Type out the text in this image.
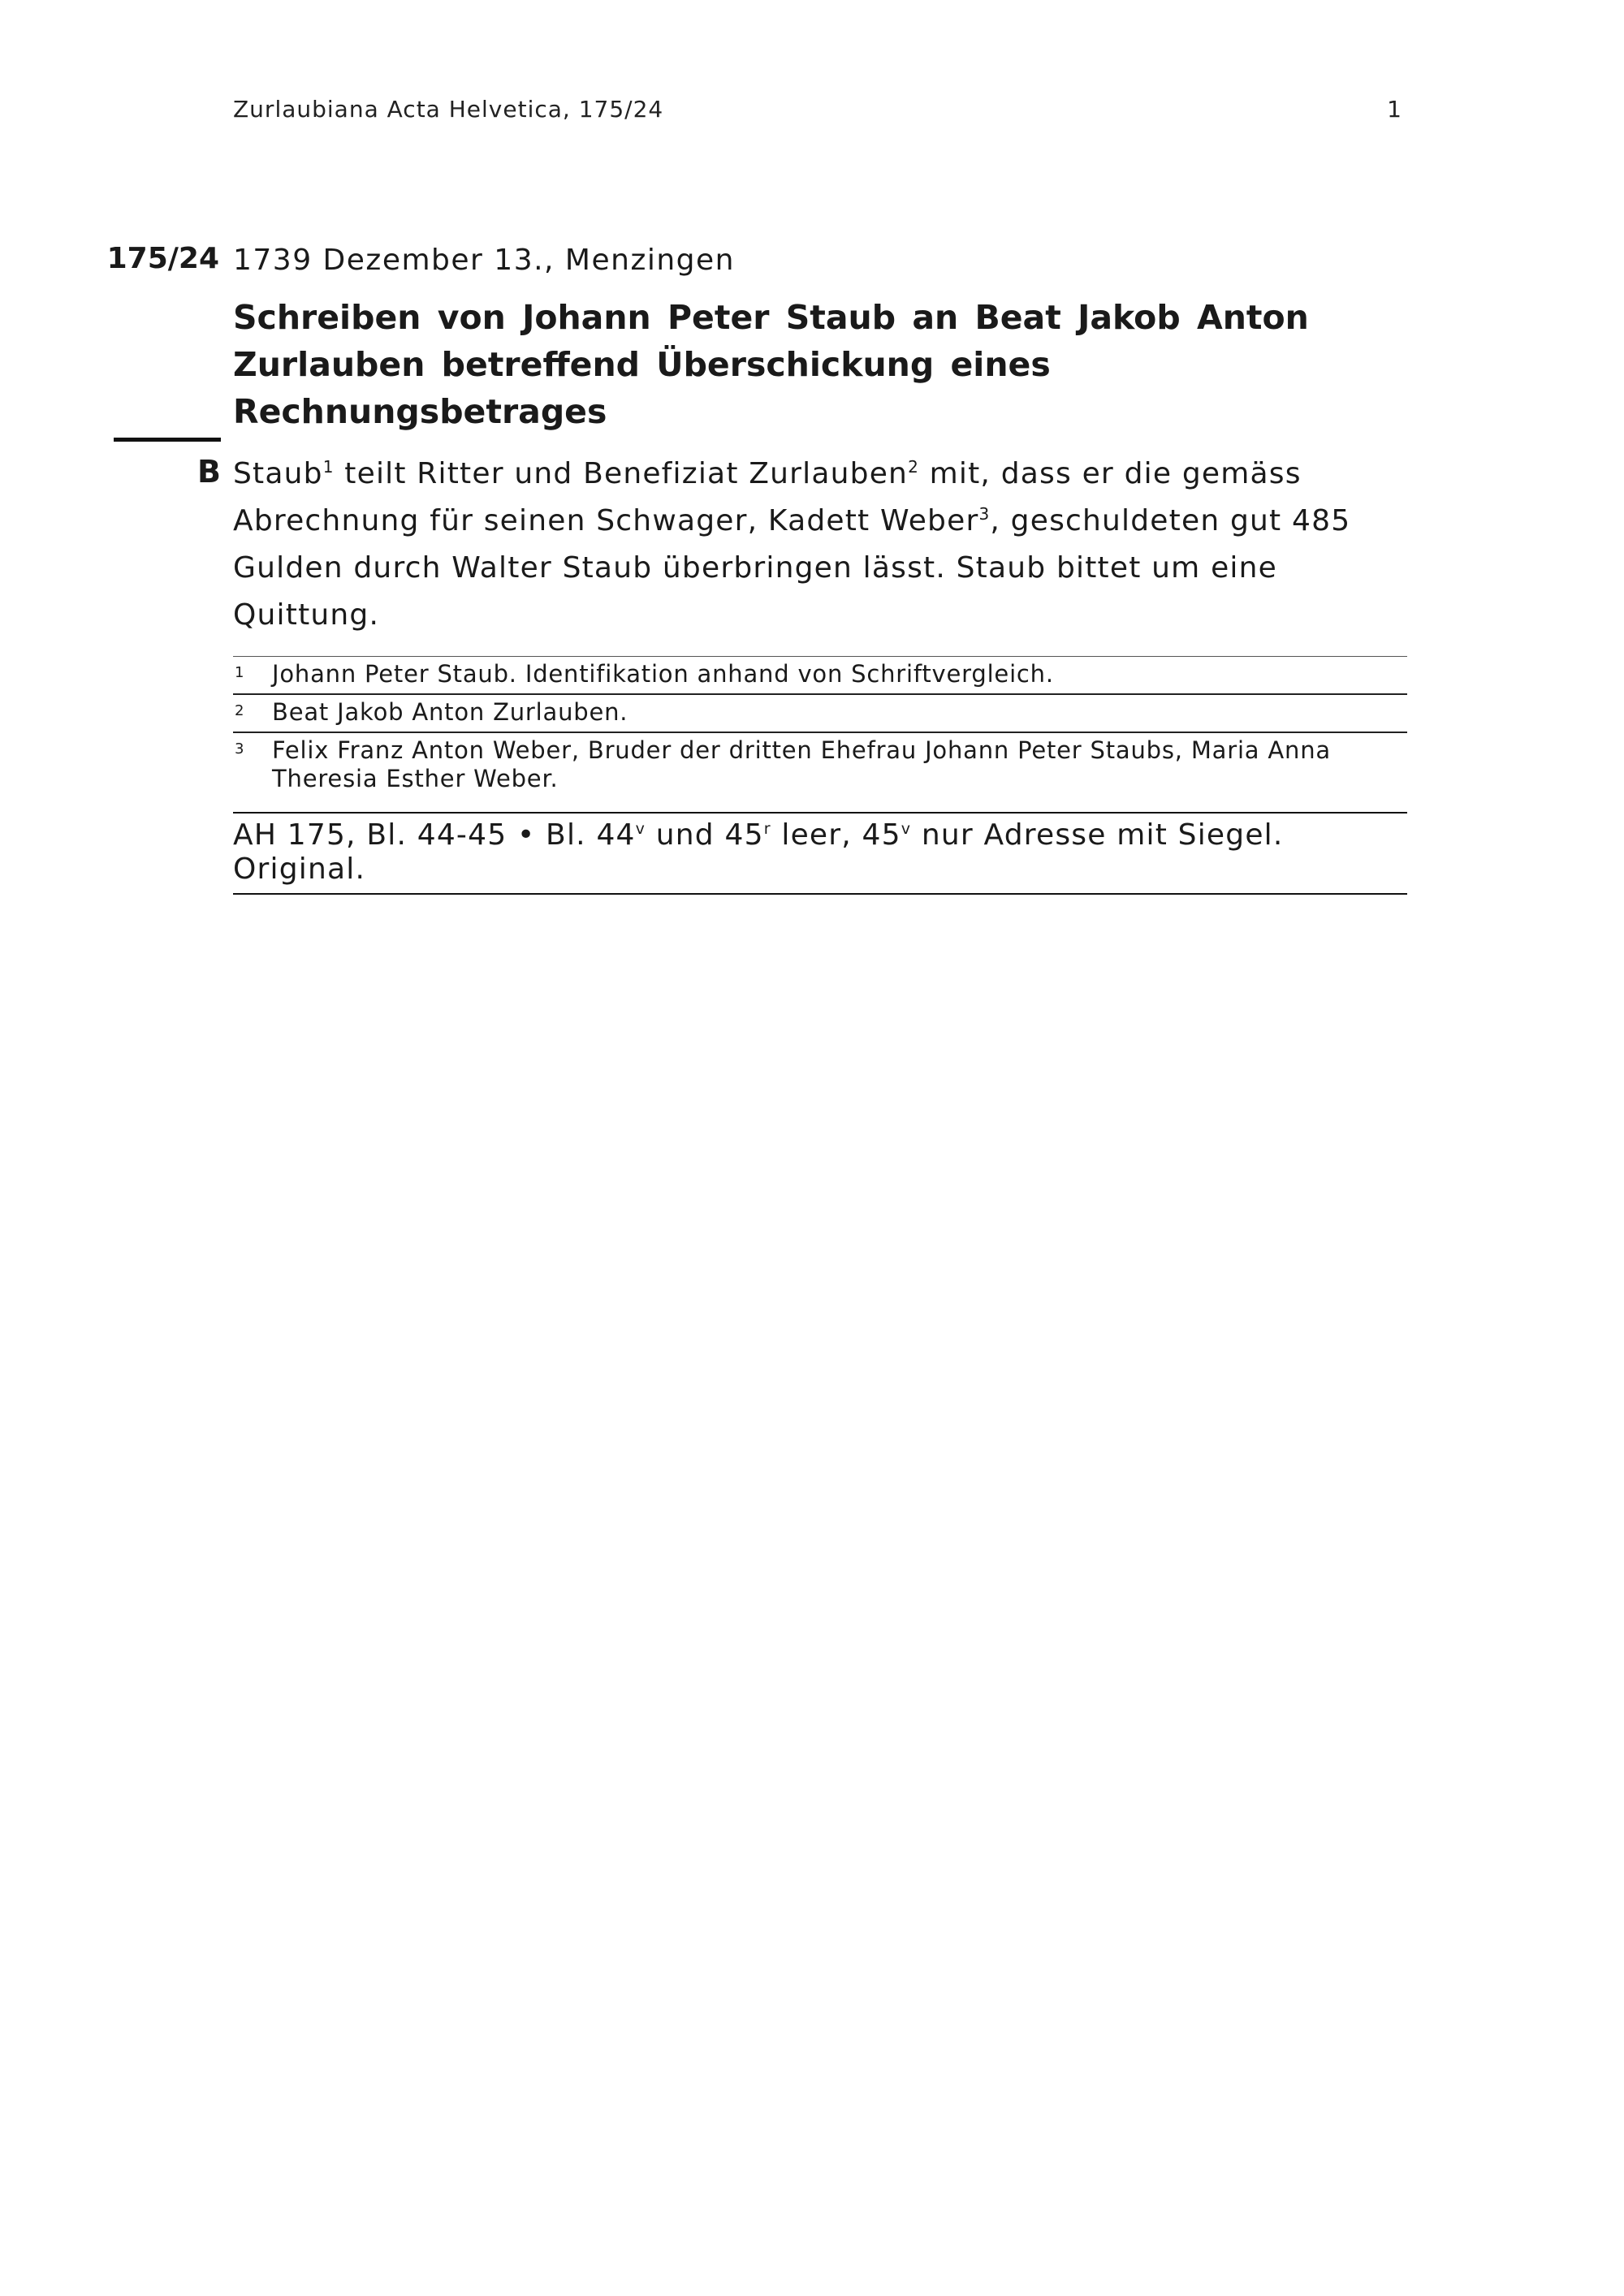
Zurlaubiana Acta Helvetica, 175/24	1
175/24 1739 Dezember 13., Menzingen
Schreiben von Johann Peter Staub an Beat Jakob Anton Zurlauben betreffend Überschickung eines Rechnungsbetrages
B Staub$^1$ teilt Ritter und Benefiziat Zurlauben$^2$ mit, dass er die gemäss Abrechnung für seinen Schwager, Kadett Weber$^3$, geschuldeten gut 485 Gulden durch Walter Staub überbringen lässt. Staub bittet um eine Quittung.
1 Johann Peter Staub. Identifikation anhand von Schriftvergleich.
2 Beat Jakob Anton Zurlauben.
3 Felix Franz Anton Weber, Bruder der dritten Ehefrau Johann Peter Staubs, Maria Anna Theresia Esther Weber.
AH 175, Bl. 44-45 • Bl. 44$^v$ und 45$^r$ leer, 45$^v$ nur Adresse mit Siegel.
Original.
